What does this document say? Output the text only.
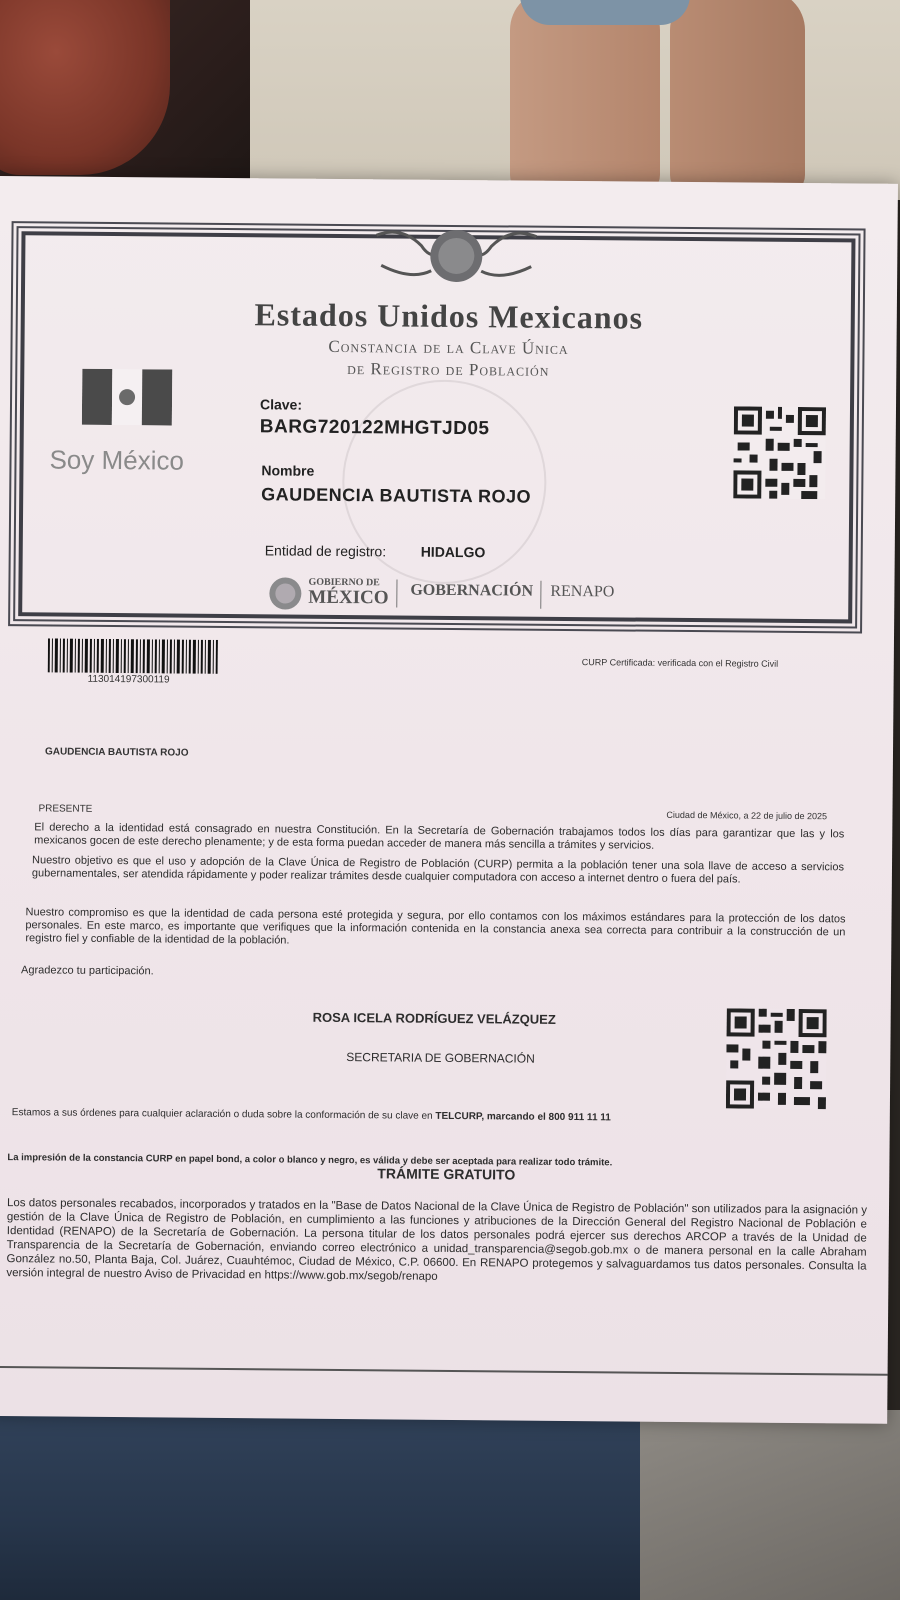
Estados Unidos Mexicanos
Constancia de la Clave Única
de Registro de Población
Soy México
Clave:
BARG720122MHGTJD05
Nombre
GAUDENCIA BAUTISTA ROJO
Entidad de registro: HIDALGO
GOBIERNO DE
MÉXICO GOBERNACIÓN RENAPO
113014197300119
CURP Certificada: verificada con el Registro Civil
GAUDENCIA BAUTISTA ROJO
PRESENTE
Ciudad de México, a 22 de julio de 2025
El derecho a la identidad está consagrado en nuestra Constitución. En la Secretaría de Gobernación trabajamos todos los días para garantizar que las y los mexicanos gocen de este derecho plenamente; y de esta forma puedan acceder de manera más sencilla a trámites y servicios.
Nuestro objetivo es que el uso y adopción de la Clave Única de Registro de Población (CURP) permita a la población tener una sola llave de acceso a servicios gubernamentales, ser atendida rápidamente y poder realizar trámites desde cualquier computadora con acceso a internet dentro o fuera del país.
Nuestro compromiso es que la identidad de cada persona esté protegida y segura, por ello contamos con los máximos estándares para la protección de los datos personales. En este marco, es importante que verifiques que la información contenida en la constancia anexa sea correcta para contribuir a la construcción de un registro fiel y confiable de la identidad de la población.
Agradezco tu participación.
ROSA ICELA RODRÍGUEZ VELÁZQUEZ
SECRETARIA DE GOBERNACIÓN
Estamos a sus órdenes para cualquier aclaración o duda sobre la conformación de su clave en TELCURP, marcando el 800 911 11 11
La impresión de la constancia CURP en papel bond, a color o blanco y negro, es válida y debe ser aceptada para realizar todo trámite.
TRÁMITE GRATUITO
Los datos personales recabados, incorporados y tratados en la "Base de Datos Nacional de la Clave Única de Registro de Población" son utilizados para la asignación y gestión de la Clave Única de Registro de Población, en cumplimiento a las funciones y atribuciones de la Dirección General del Registro Nacional de Población e Identidad (RENAPO) de la Secretaría de Gobernación. La persona titular de los datos personales podrá ejercer sus derechos ARCOP a través de la Unidad de Transparencia de la Secretaría de Gobernación, enviando correo electrónico a unidad_transparencia@segob.gob.mx o de manera personal en la calle Abraham González no.50, Planta Baja, Col. Juárez, Cuauhtémoc, Ciudad de México, C.P. 06600. En RENAPO protegemos y salvaguardamos tus datos personales. Consulta la versión integral de nuestro Aviso de Privacidad en https://www.gob.mx/segob/renapo
